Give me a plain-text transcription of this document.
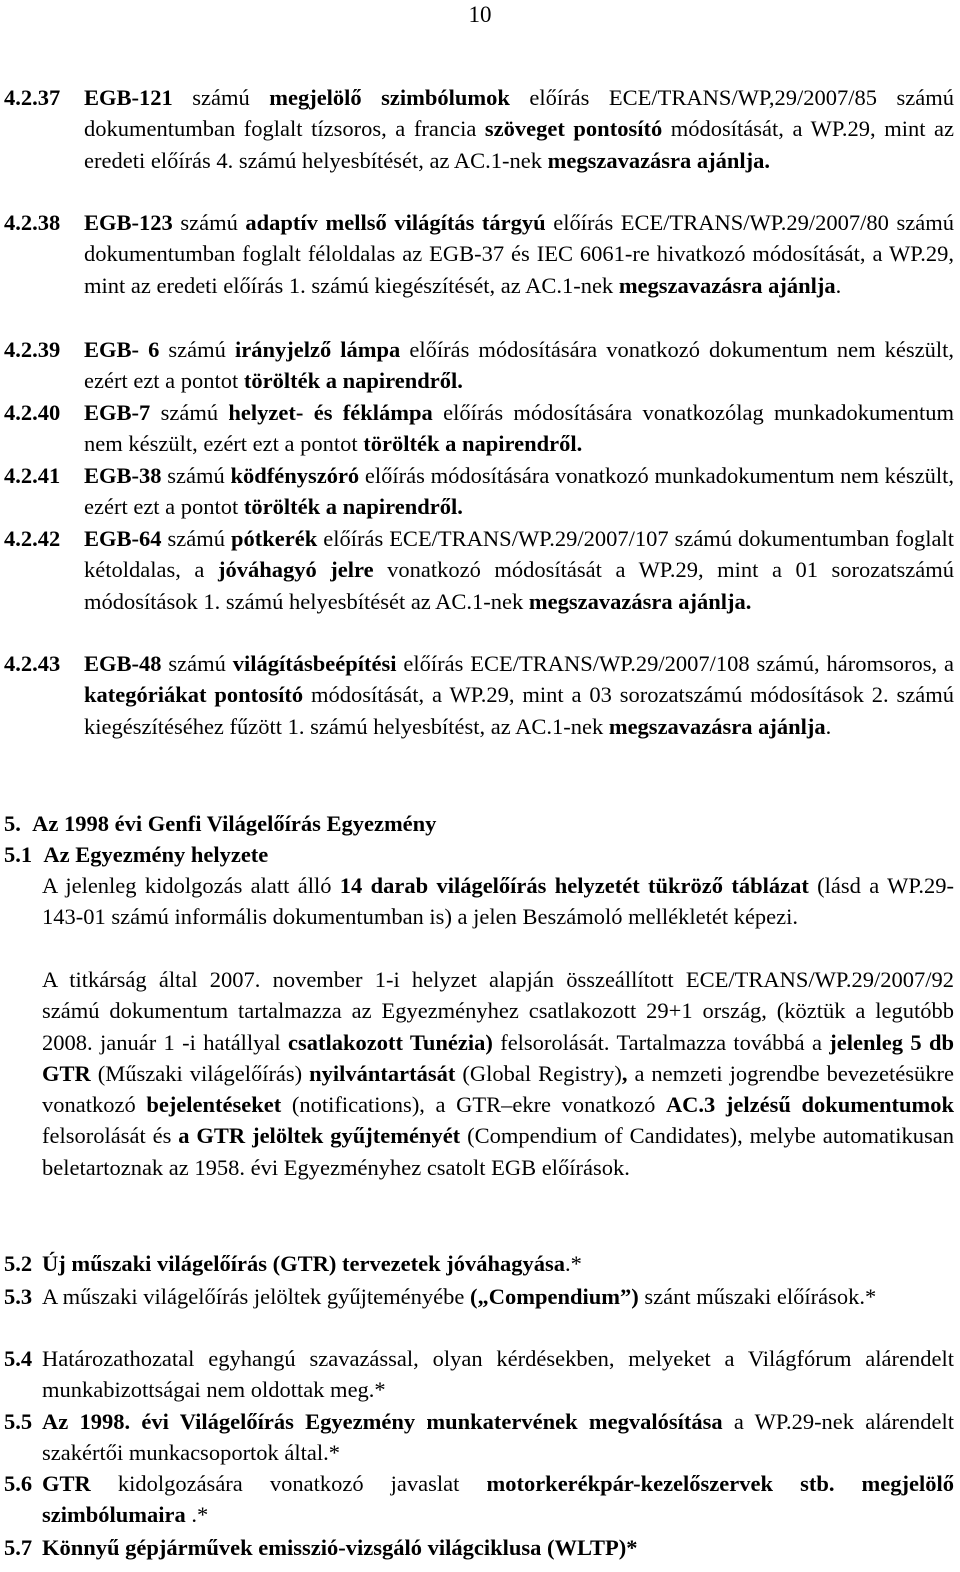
10
4.2.37 EGB-121 számú megjelölő szimbólumok előírás ECE/TRANS/WP,29/2007/85 számú dokumentumban foglalt tízsoros, a francia szöveget pontosító módosítását, a WP.29, mint az eredeti előírás 4. számú helyesbítését, az AC.1-nek megszavazásra ajánlja.

4.2.38 EGB-123 számú adaptív mellső világítás tárgyú előírás ECE/TRANS/WP.29/2007/80 számú dokumentumban foglalt féloldalas az EGB-37 és IEC 6061-re hivatkozó módosítását, a WP.29, mint az eredeti előírás 1. számú kiegészítését, az AC.1-nek megszavazásra ajánlja.

4.2.39 EGB- 6 számú irányjelző lámpa előírás módosítására vonatkozó dokumentum nem készült, ezért ezt a pontot törölték a napirendről.

4.2.40 EGB-7 számú helyzet- és féklámpa előírás módosítására vonatkozólag munkadokumentum nem készült, ezért ezt a pontot törölték a napirendről.

4.2.41 EGB-38 számú ködfényszóró előírás módosítására vonatkozó munkadokumentum nem készült, ezért ezt a pontot törölték a napirendről.

4.2.42 EGB-64 számú pótkerék előírás ECE/TRANS/WP.29/2007/107 számú dokumentumban foglalt kétoldalas, a jóváhagyó jelre vonatkozó módosítását a WP.29, mint a 01 sorozatszámú módosítások 1. számú helyesbítését az AC.1-nek megszavazásra ajánlja.

4.2.43 EGB-48 számú világításbeépítési előírás ECE/TRANS/WP.29/2007/108 számú, háromsoros, a kategóriákat pontosító módosítását, a WP.29, mint a 03 sorozatszámú módosítások 2. számú kiegészítéséhez fűzött 1. számú helyesbítést, az AC.1-nek megszavazásra ajánlja.

5.  Az 1998 évi Genfi Világelőírás Egyezmény
5.1  Az Egyezmény helyzete

A jelenleg kidolgozás alatt álló 14 darab világelőírás helyzetét tükröző táblázat (lásd a WP.29-143-01 számú informális dokumentumban is) a jelen Beszámoló mellékletét képezi.

A titkárság által 2007. november 1-i helyzet alapján összeállított ECE/TRANS/WP.29/2007/92 számú dokumentum tartalmazza az Egyezményhez csatlakozott 29+1 ország, (köztük a legutóbb 2008. január 1 -i hatállyal csatlakozott Tunézia) felsorolását. Tartalmazza továbbá a jelenleg 5 db GTR (Műszaki világelőírás) nyilvántartását (Global Registry), a nemzeti jogrendbe bevezetésükre vonatkozó bejelentéseket (notifications), a GTR–ekre vonatkozó AC.3 jelzésű dokumentumok felsorolását és a GTR jelöltek gyűjteményét (Compendium of Candidates), melybe automatikusan beletartoznak az 1958. évi Egyezményhez csatolt EGB előírások.

5.2 Új műszaki világelőírás (GTR) tervezetek jóváhagyása.*

5.3 A műszaki világelőírás jelöltek gyűjteményébe („Compendium”) szánt műszaki előírások.*

5.4 Határozathozatal egyhangú szavazással, olyan kérdésekben, melyeket a Világfórum alárendelt munkabizottságai nem oldottak meg.*

5.5 Az 1998. évi Világelőírás Egyezmény munkatervének megvalósítása a WP.29-nek alárendelt szakértői munkacsoportok által.*

5.6 GTR kidolgozására vonatkozó javaslat motorkerékpár-kezelőszervek stb. megjelölő szimbólumaira .*

5.7 Könnyű gépjárművek emisszió-vizsgáló világciklusa (WLTP)*
